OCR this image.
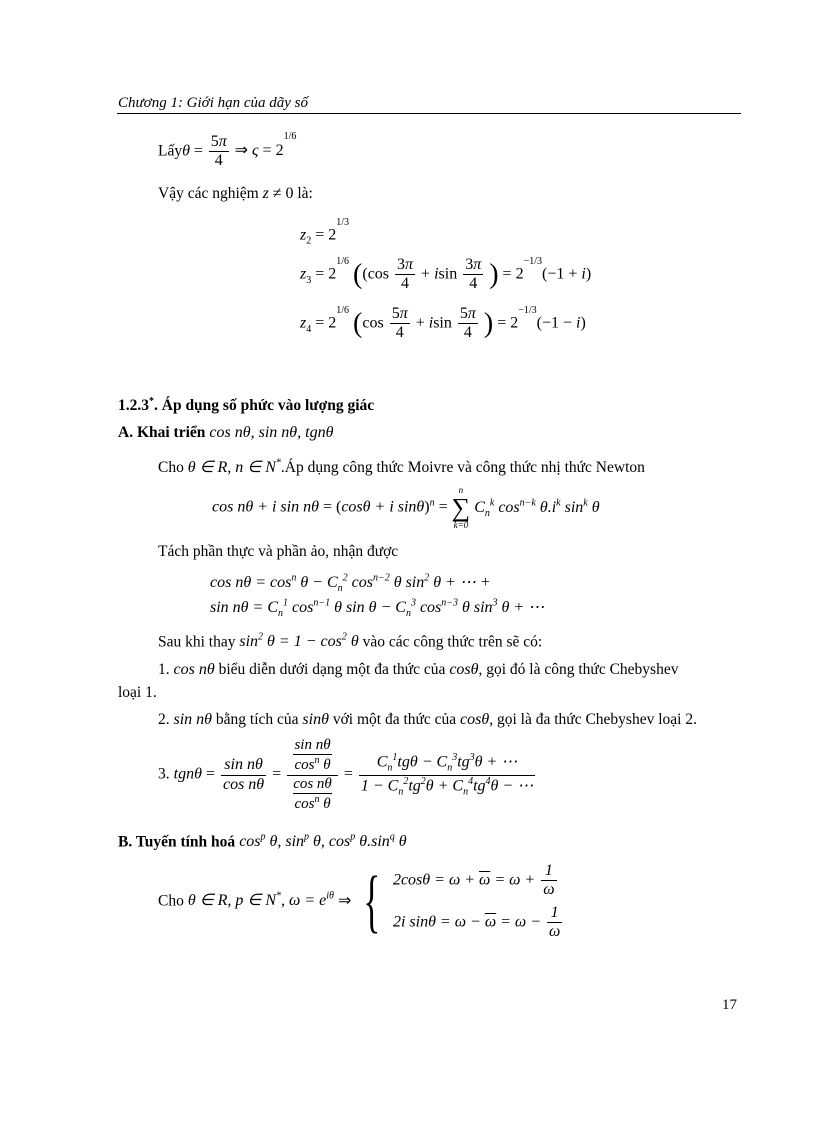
Chương 1: Giới hạn của dãy số
Lấyθ = $\frac{5\pi}{4}$ ⇒ $\varsigma = 2^{1/6}$
Vậy các nghiệm z ≠ 0 là:
$z_2 = 2^{1/3}$
$z_3 = 2^{1/6}$ (($\cos \frac{3\pi}{4} + isin \frac{3\pi}{4}$ ) = $2^{-1/3}(-1 + i)$
$z_4 = 2^{1/6}$ ($\cos \frac{5\pi}{4} + isin \frac{5\pi}{4}$ ) = $2^{-1/3}(-1 - i)$
1.2.3*. Áp dụng số phức vào lượng giác
A. Khai triển cos nθ, sin nθ, tgnθ
Cho θ ∈ R, n ∈ N*.Áp dụng công thức Moivre và công thức nhị thức Newton
cos nθ + i sin nθ = (cosθ + i sinθ)$^n$ =
n
∑
k=0
$C_n^k$ $\cos^{n-k} \theta.i^k$ $\sin^k \theta$
Tách phần thực và phần ảo, nhận được
$\cos n\theta = \cos^n \theta - C_n^2$ $\cos^{n-2} \theta$ $\sin^2 \theta$ + ⋯ +
$\sin n\theta = C_n^1$ $\cos^{n-1} \theta$ $\sin \theta - C_n^3$ $\cos^{n-3} \theta$ $\sin^3 \theta$ + ⋯
Sau khi thay $\sin^2 \theta = 1 - \cos^2 \theta$ vào các công thức trên sẽ có:
1. cos nθ biểu diễn dưới dạng một đa thức của cosθ, gọi đó là công thức Chebyshev
loại 1.
2. sin nθ bằng tích của sinθ với một đa thức của cosθ, gọi là đa thức Chebyshev loại 2.
3. $tgn\theta = \frac{\text{sin nθ}}{\text{cos nθ}} = \sin n\theta$
$\cos^n \theta$
cos nθ
$\cos^n \theta = \frac{C_n^1tg\theta - C_n^3tg^3\theta + \cdots}{1 - C_n^2tg^2\theta + C_n^4tg^4\theta - \cdots}$
B. Tuyến tính hoá $\cos^p \theta$, $\sin^p \theta$, $\cos^p \theta.\sin^q$ θ
Cho θ ∈ R, p ∈ N*, $\omega = e^{i\theta}$ ⇒ { $2\cos\theta = \omega + \overline{\omega} = \omega + \frac{1}{\omega}$
2i $\sin\theta = \omega - \overline{\omega} = \omega - \frac{1}{\omega}$
17
